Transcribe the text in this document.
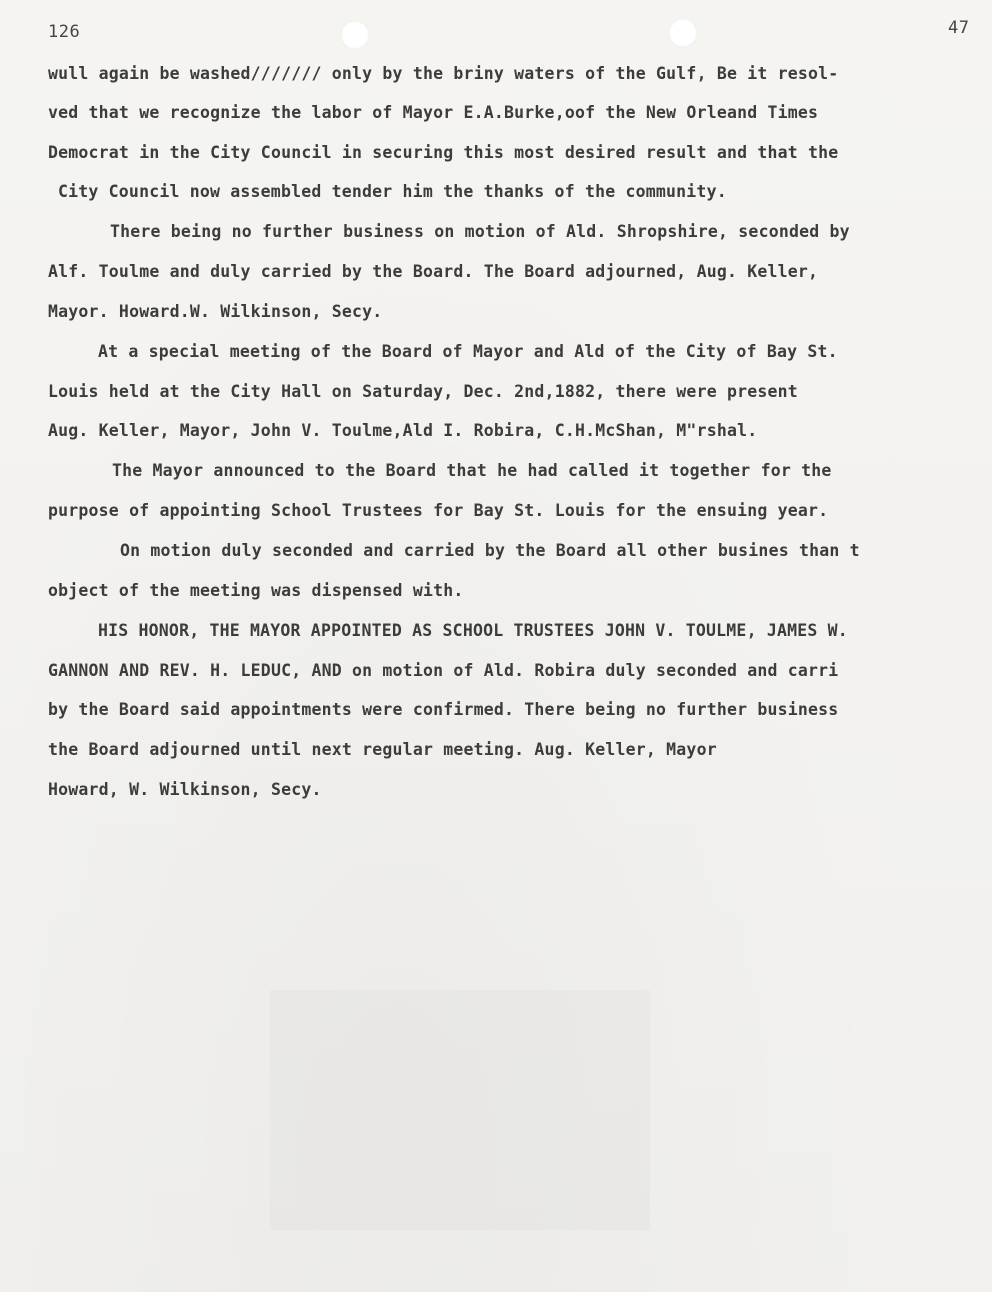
126	47
wull again be washed/////// only by the briny waters of the Gulf, Be it resol-
ved that we recognize the labor of Mayor E.A.Burke,oof the New Orleand Times
Democrat in the City Council in securing this most desired result and that the
City Council now assembled tender him the thanks of the community.
There being no further business on motion of Ald. Shropshire, seconded by
Alf. Toulme and duly carried by the Board. The Board adjourned, Aug. Keller,
Mayor. Howard.W. Wilkinson, Secy.
At a special meeting of the Board of Mayor and Ald of the City of Bay St.
Louis held at the City Hall on Saturday, Dec. 2nd,1882, there were present
Aug. Keller, Mayor, John V. Toulme,Ald I. Robira, C.H.McShan, M"rshal.
The Mayor announced to the Board that he had called it together for the
purpose of appointing School Trustees for Bay St. Louis for the ensuing year.
On motion duly seconded and carried by the Board all other busines than t
object of the meeting was dispensed with.
HIS HONOR, THE MAYOR APPOINTED AS SCHOOL TRUSTEES JOHN V. TOULME, JAMES W.
GANNON AND REV. H. LEDUC, AND on motion of Ald. Robira duly seconded and carri
by the Board said appointments were confirmed. There being no further business
the Board adjourned until next regular meeting. Aug. Keller, Mayor
Howard, W. Wilkinson, Secy.
